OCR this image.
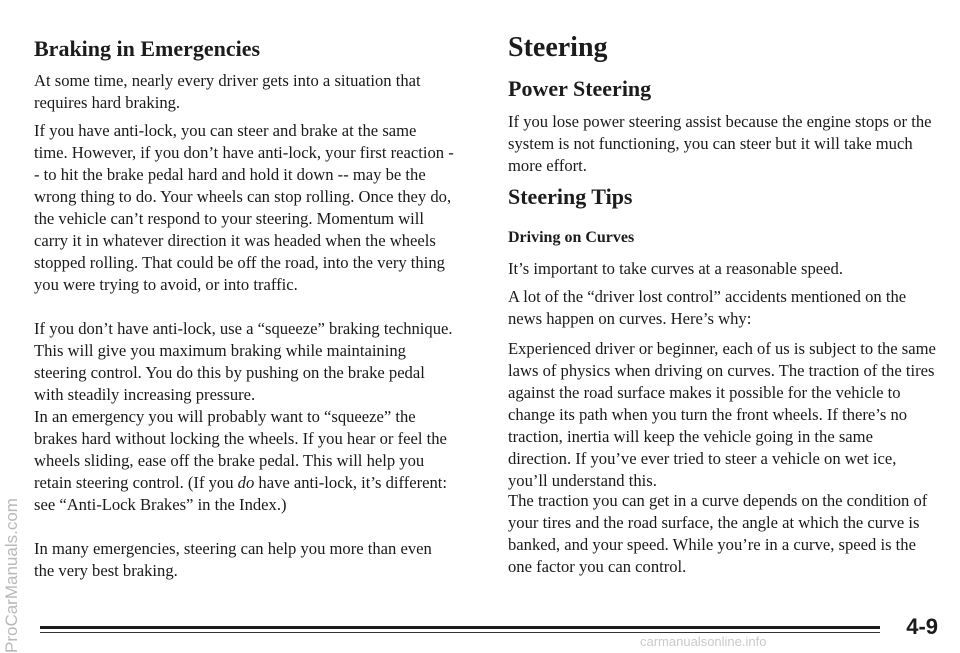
ProCarManuals.com
Braking in Emergencies

At some time, nearly every driver gets into a situation that requires hard braking.

If you have anti-lock, you can steer and brake at the same time. However, if you don’t have anti-lock, your first reaction -- to hit the brake pedal hard and hold it down -- may be the wrong thing to do. Your wheels can stop rolling. Once they do, the vehicle can’t respond to your steering. Momentum will carry it in whatever direction it was headed when the wheels stopped rolling. That could be off the road, into the very thing you were trying to avoid, or into traffic.

If you don’t have anti-lock, use a “squeeze” braking technique. This will give you maximum braking while maintaining steering control. You do this by pushing on the brake pedal with steadily increasing pressure.

In an emergency you will probably want to “squeeze” the brakes hard without locking the wheels. If you hear or feel the wheels sliding, ease off the brake pedal. This will help you retain steering control. (If you do have anti-lock, it’s different: see “Anti-Lock Brakes” in the Index.)

In many emergencies, steering can help you more than even the very best braking.

Steering
Power Steering

If you lose power steering assist because the engine stops or the system is not functioning, you can steer but it will take much more effort.

Steering Tips
Driving on Curves

It’s important to take curves at a reasonable speed.

A lot of the “driver lost control” accidents mentioned on the news happen on curves. Here’s why:

Experienced driver or beginner, each of us is subject to the same laws of physics when driving on curves. The traction of the tires against the road surface makes it possible for the vehicle to change its path when you turn the front wheels. If there’s no traction, inertia will keep the vehicle going in the same direction. If you’ve ever tried to steer a vehicle on wet ice, you’ll understand this.

The traction you can get in a curve depends on the condition of your tires and the road surface, the angle at which the curve is banked, and your speed. While you’re in a curve, speed is the one factor you can control.

4-9
carmanualsonline.info
